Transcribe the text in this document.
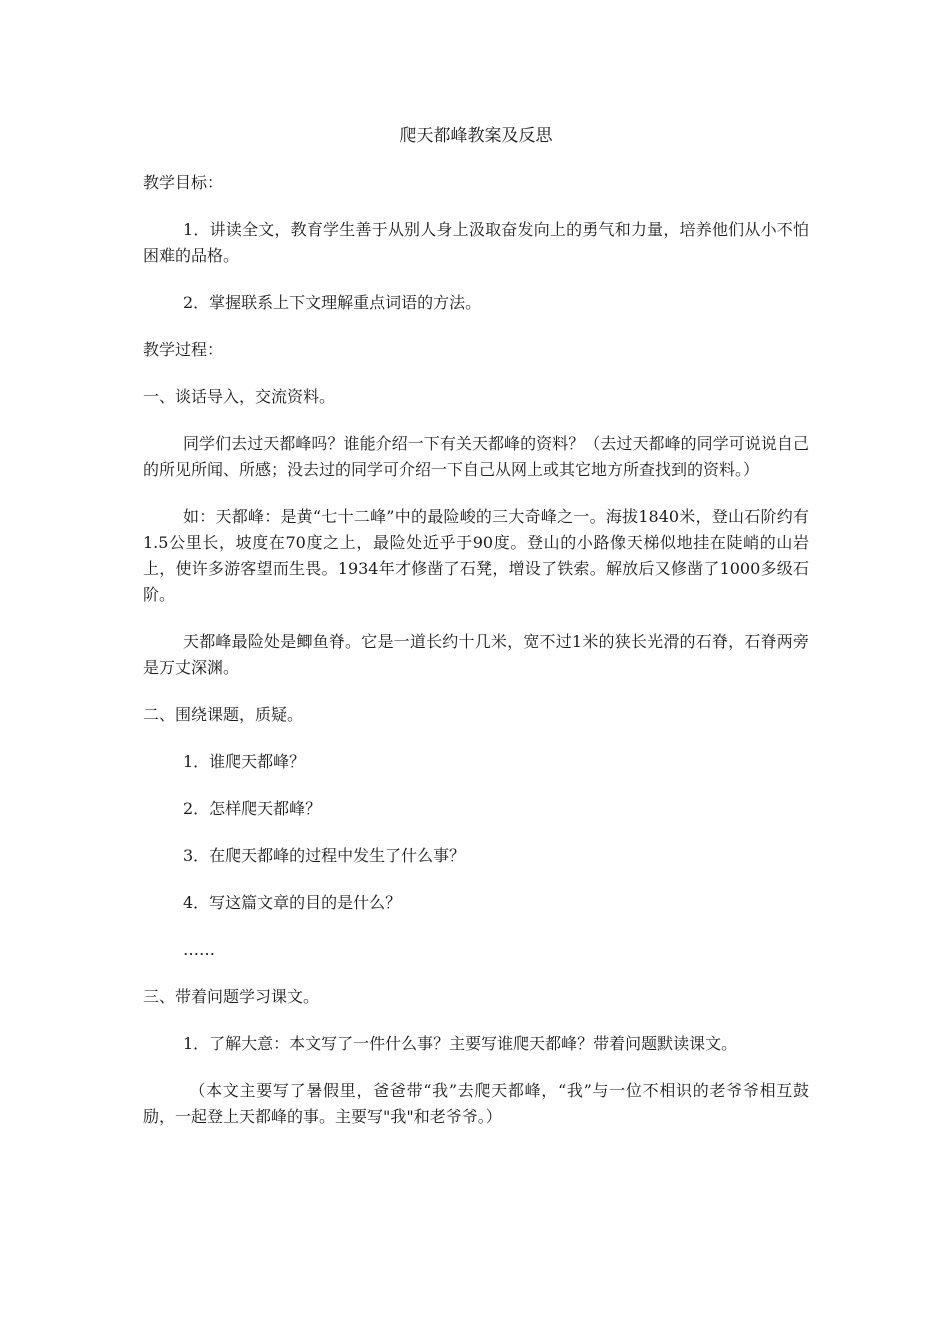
爬天都峰教案及反思
教学目标：
1．讲读全文，教育学生善于从别人身上汲取奋发向上的勇气和力量，培养他们从小不怕困难的品格。
2．掌握联系上下文理解重点词语的方法。
教学过程：
一、谈话导入，交流资料。
同学们去过天都峰吗？谁能介绍一下有关天都峰的资料？（去过天都峰的同学可说说自己的所见所闻、所感；没去过的同学可介绍一下自己从网上或其它地方所查找到的资料。）
如：天都峰：是黄“七十二峰”中的最险峻的三大奇峰之一。海拔1840米，登山石阶约有1.5公里长，坡度在70度之上，最险处近乎于90度。登山的小路像天梯似地挂在陡峭的山岩上，使许多游客望而生畏。1934年才修凿了石凳，增设了铁索。解放后又修凿了1000多级石阶。
天都峰最险处是鲫鱼脊。它是一道长约十几米，宽不过1米的狭长光滑的石脊，石脊两旁是万丈深渊。
二、围绕课题，质疑。
1．谁爬天都峰？
2．怎样爬天都峰？
3．在爬天都峰的过程中发生了什么事？
4．写这篇文章的目的是什么？
……
三、带着问题学习课文。
1．了解大意：本文写了一件什么事？主要写谁爬天都峰？带着问题默读课文。
（本文主要写了暑假里，爸爸带“我”去爬天都峰，“我”与一位不相识的老爷爷相互鼓励，一起登上天都峰的事。主要写"我"和老爷爷。）
